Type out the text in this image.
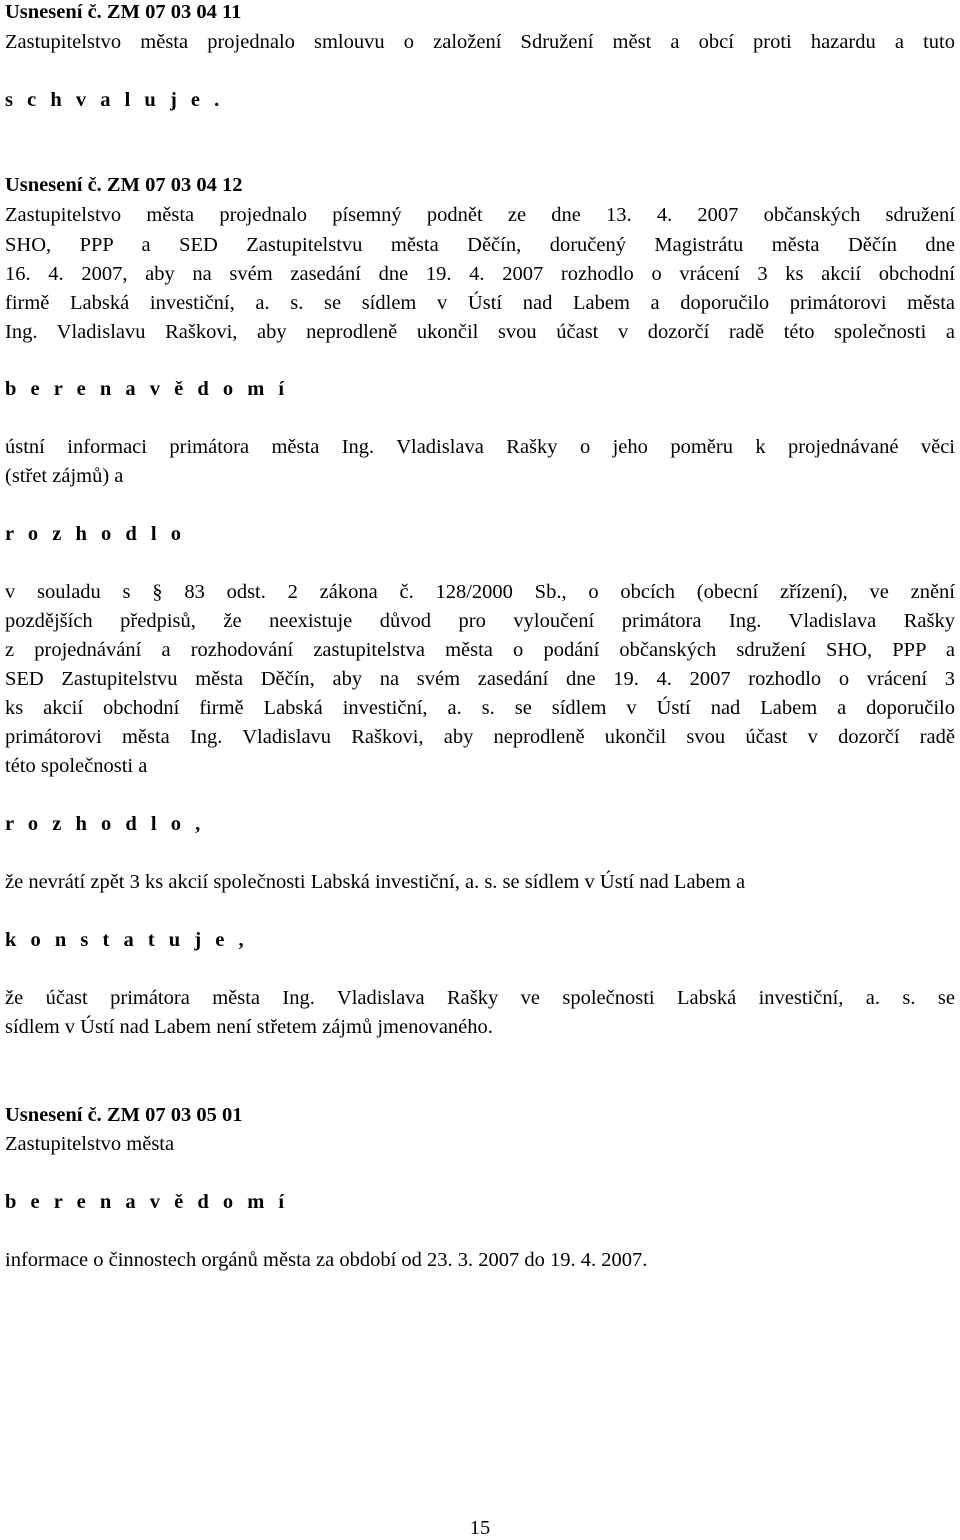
Usnesení č. ZM 07 03 04 11
Zastupitelstvo města projednalo smlouvu o založení Sdružení měst a obcí proti hazardu a tuto
s c h v a l u j e .
Usnesení č. ZM 07 03 04 12
Zastupitelstvo města projednalo písemný podnět ze dne 13. 4. 2007 občanských sdružení
SHO, PPP a SED Zastupitelstvu města Děčín, doručený Magistrátu města Děčín dne
16. 4. 2007, aby na svém zasedání dne 19. 4. 2007 rozhodlo o vrácení 3 ks akcií obchodní
firmě Labská investiční, a. s. se sídlem v Ústí nad Labem a doporučilo primátorovi města
Ing. Vladislavu Raškovi, aby neprodleně ukončil svou účast v dozorčí radě této společnosti a
b e r e n a v ě d o m í
ústní informaci primátora města Ing. Vladislava Rašky o jeho poměru k projednávané věci
(střet zájmů) a
r o z h o d l o
v souladu s § 83 odst. 2 zákona č. 128/2000 Sb., o obcích (obecní zřízení), ve znění
pozdějších předpisů, že neexistuje důvod pro vyloučení primátora Ing. Vladislava Rašky
z projednávání a rozhodování zastupitelstva města o podání občanských sdružení SHO, PPP a
SED Zastupitelstvu města Děčín, aby na svém zasedání dne 19. 4. 2007 rozhodlo o vrácení 3
ks akcií obchodní firmě Labská investiční, a. s. se sídlem v Ústí nad Labem a doporučilo
primátorovi města Ing. Vladislavu Raškovi, aby neprodleně ukončil svou účast v dozorčí radě
této společnosti a
r o z h o d l o ,
že nevrátí zpět 3 ks akcií společnosti Labská investiční, a. s. se sídlem v Ústí nad Labem a
k o n s t a t u j e ,
že účast primátora města Ing. Vladislava Rašky ve společnosti Labská investiční, a. s. se
sídlem v Ústí nad Labem není střetem zájmů jmenovaného.
Usnesení č. ZM 07 03 05 01
Zastupitelstvo města
b e r e n a v ě d o m í
informace o činnostech orgánů města za období od 23. 3. 2007 do 19. 4. 2007.
15
